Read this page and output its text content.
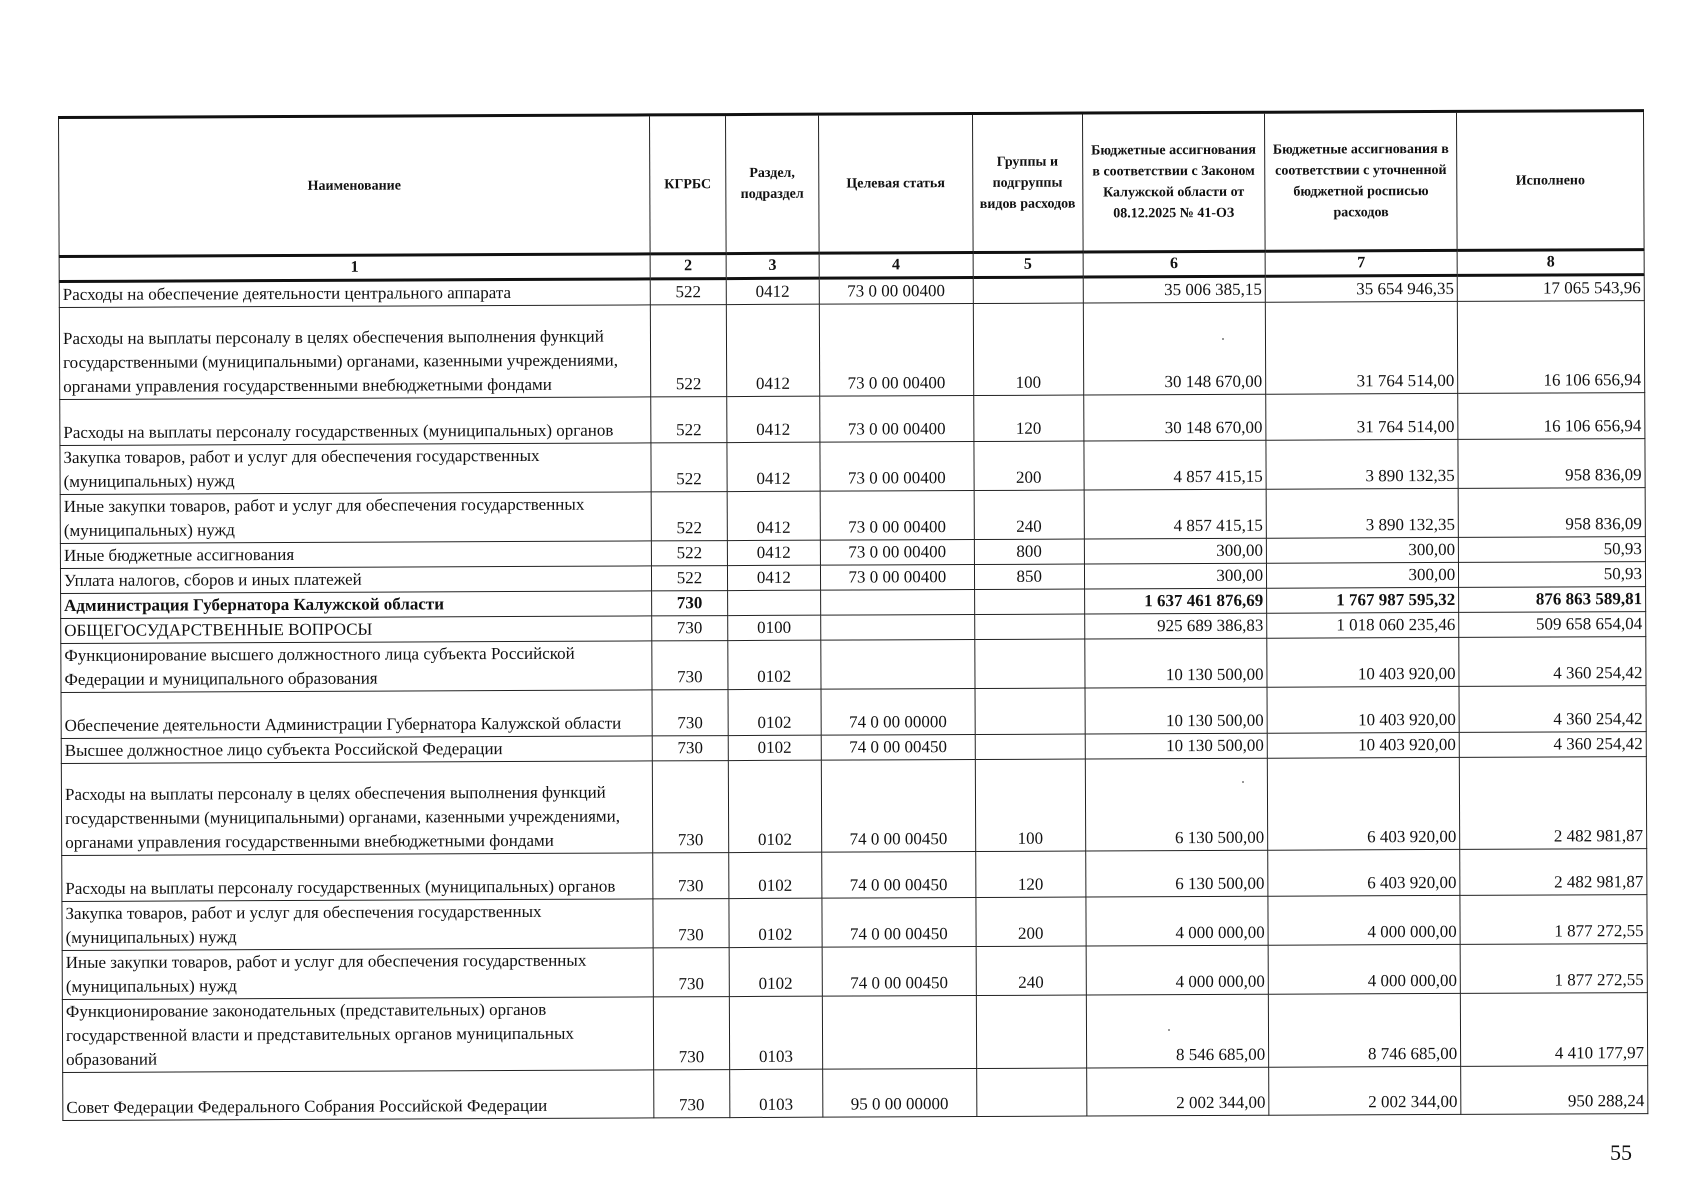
Наименование	КГРБС	Раздел, подраздел	Целевая статья	Группы и подгруппы видов расходов	Бюджетные ассигнования в соответствии с Законом Калужской области от 08.12.2025 № 41-ОЗ	Бюджетные ассигнования в соответствии с уточненной бюджетной росписью расходов	Исполнено
1	2	3	4	5	6	7	8
Расходы на обеспечение деятельности центрального аппарата	522	0412	73 0 00 00400		35 006 385,15	35 654 946,35	17 065 543,96
Расходы на выплаты персоналу в целях обеспечения выполнения функций государственными (муниципальными) органами, казенными учреждениями, органами управления государственными внебюджетными фондами	522	0412	73 0 00 00400	100	30 148 670,00	31 764 514,00	16 106 656,94
Расходы на выплаты персоналу государственных (муниципальных) органов	522	0412	73 0 00 00400	120	30 148 670,00	31 764 514,00	16 106 656,94
Закупка товаров, работ и услуг для обеспечения государственных (муниципальных) нужд	522	0412	73 0 00 00400	200	4 857 415,15	3 890 132,35	958 836,09
Иные закупки товаров, работ и услуг для обеспечения государственных (муниципальных) нужд	522	0412	73 0 00 00400	240	4 857 415,15	3 890 132,35	958 836,09
Иные бюджетные ассигнования	522	0412	73 0 00 00400	800	300,00	300,00	50,93
Уплата налогов, сборов и иных платежей	522	0412	73 0 00 00400	850	300,00	300,00	50,93
Администрация Губернатора Калужской области	730				1 637 461 876,69	1 767 987 595,32	876 863 589,81
ОБЩЕГОСУДАРСТВЕННЫЕ ВОПРОСЫ	730	0100			925 689 386,83	1 018 060 235,46	509 658 654,04
Функционирование высшего должностного лица субъекта Российской Федерации и муниципального образования	730	0102			10 130 500,00	10 403 920,00	4 360 254,42
Обеспечение деятельности Администрации Губернатора Калужской области	730	0102	74 0 00 00000		10 130 500,00	10 403 920,00	4 360 254,42
Высшее должностное лицо субъекта Российской Федерации	730	0102	74 0 00 00450		10 130 500,00	10 403 920,00	4 360 254,42
Расходы на выплаты персоналу в целях обеспечения выполнения функций государственными (муниципальными) органами, казенными учреждениями, органами управления государственными внебюджетными фондами	730	0102	74 0 00 00450	100	6 130 500,00	6 403 920,00	2 482 981,87
Расходы на выплаты персоналу государственных (муниципальных) органов	730	0102	74 0 00 00450	120	6 130 500,00	6 403 920,00	2 482 981,87
Закупка товаров, работ и услуг для обеспечения государственных (муниципальных) нужд	730	0102	74 0 00 00450	200	4 000 000,00	4 000 000,00	1 877 272,55
Иные закупки товаров, работ и услуг для обеспечения государственных (муниципальных) нужд	730	0102	74 0 00 00450	240	4 000 000,00	4 000 000,00	1 877 272,55
Функционирование законодательных (представительных) органов государственной власти и представительных органов муниципальных образований	730	0103			8 546 685,00	8 746 685,00	4 410 177,97
Совет Федерации Федерального Собрания Российской Федерации	730	0103	95 0 00 00000		2 002 344,00	2 002 344,00	950 288,24
55
